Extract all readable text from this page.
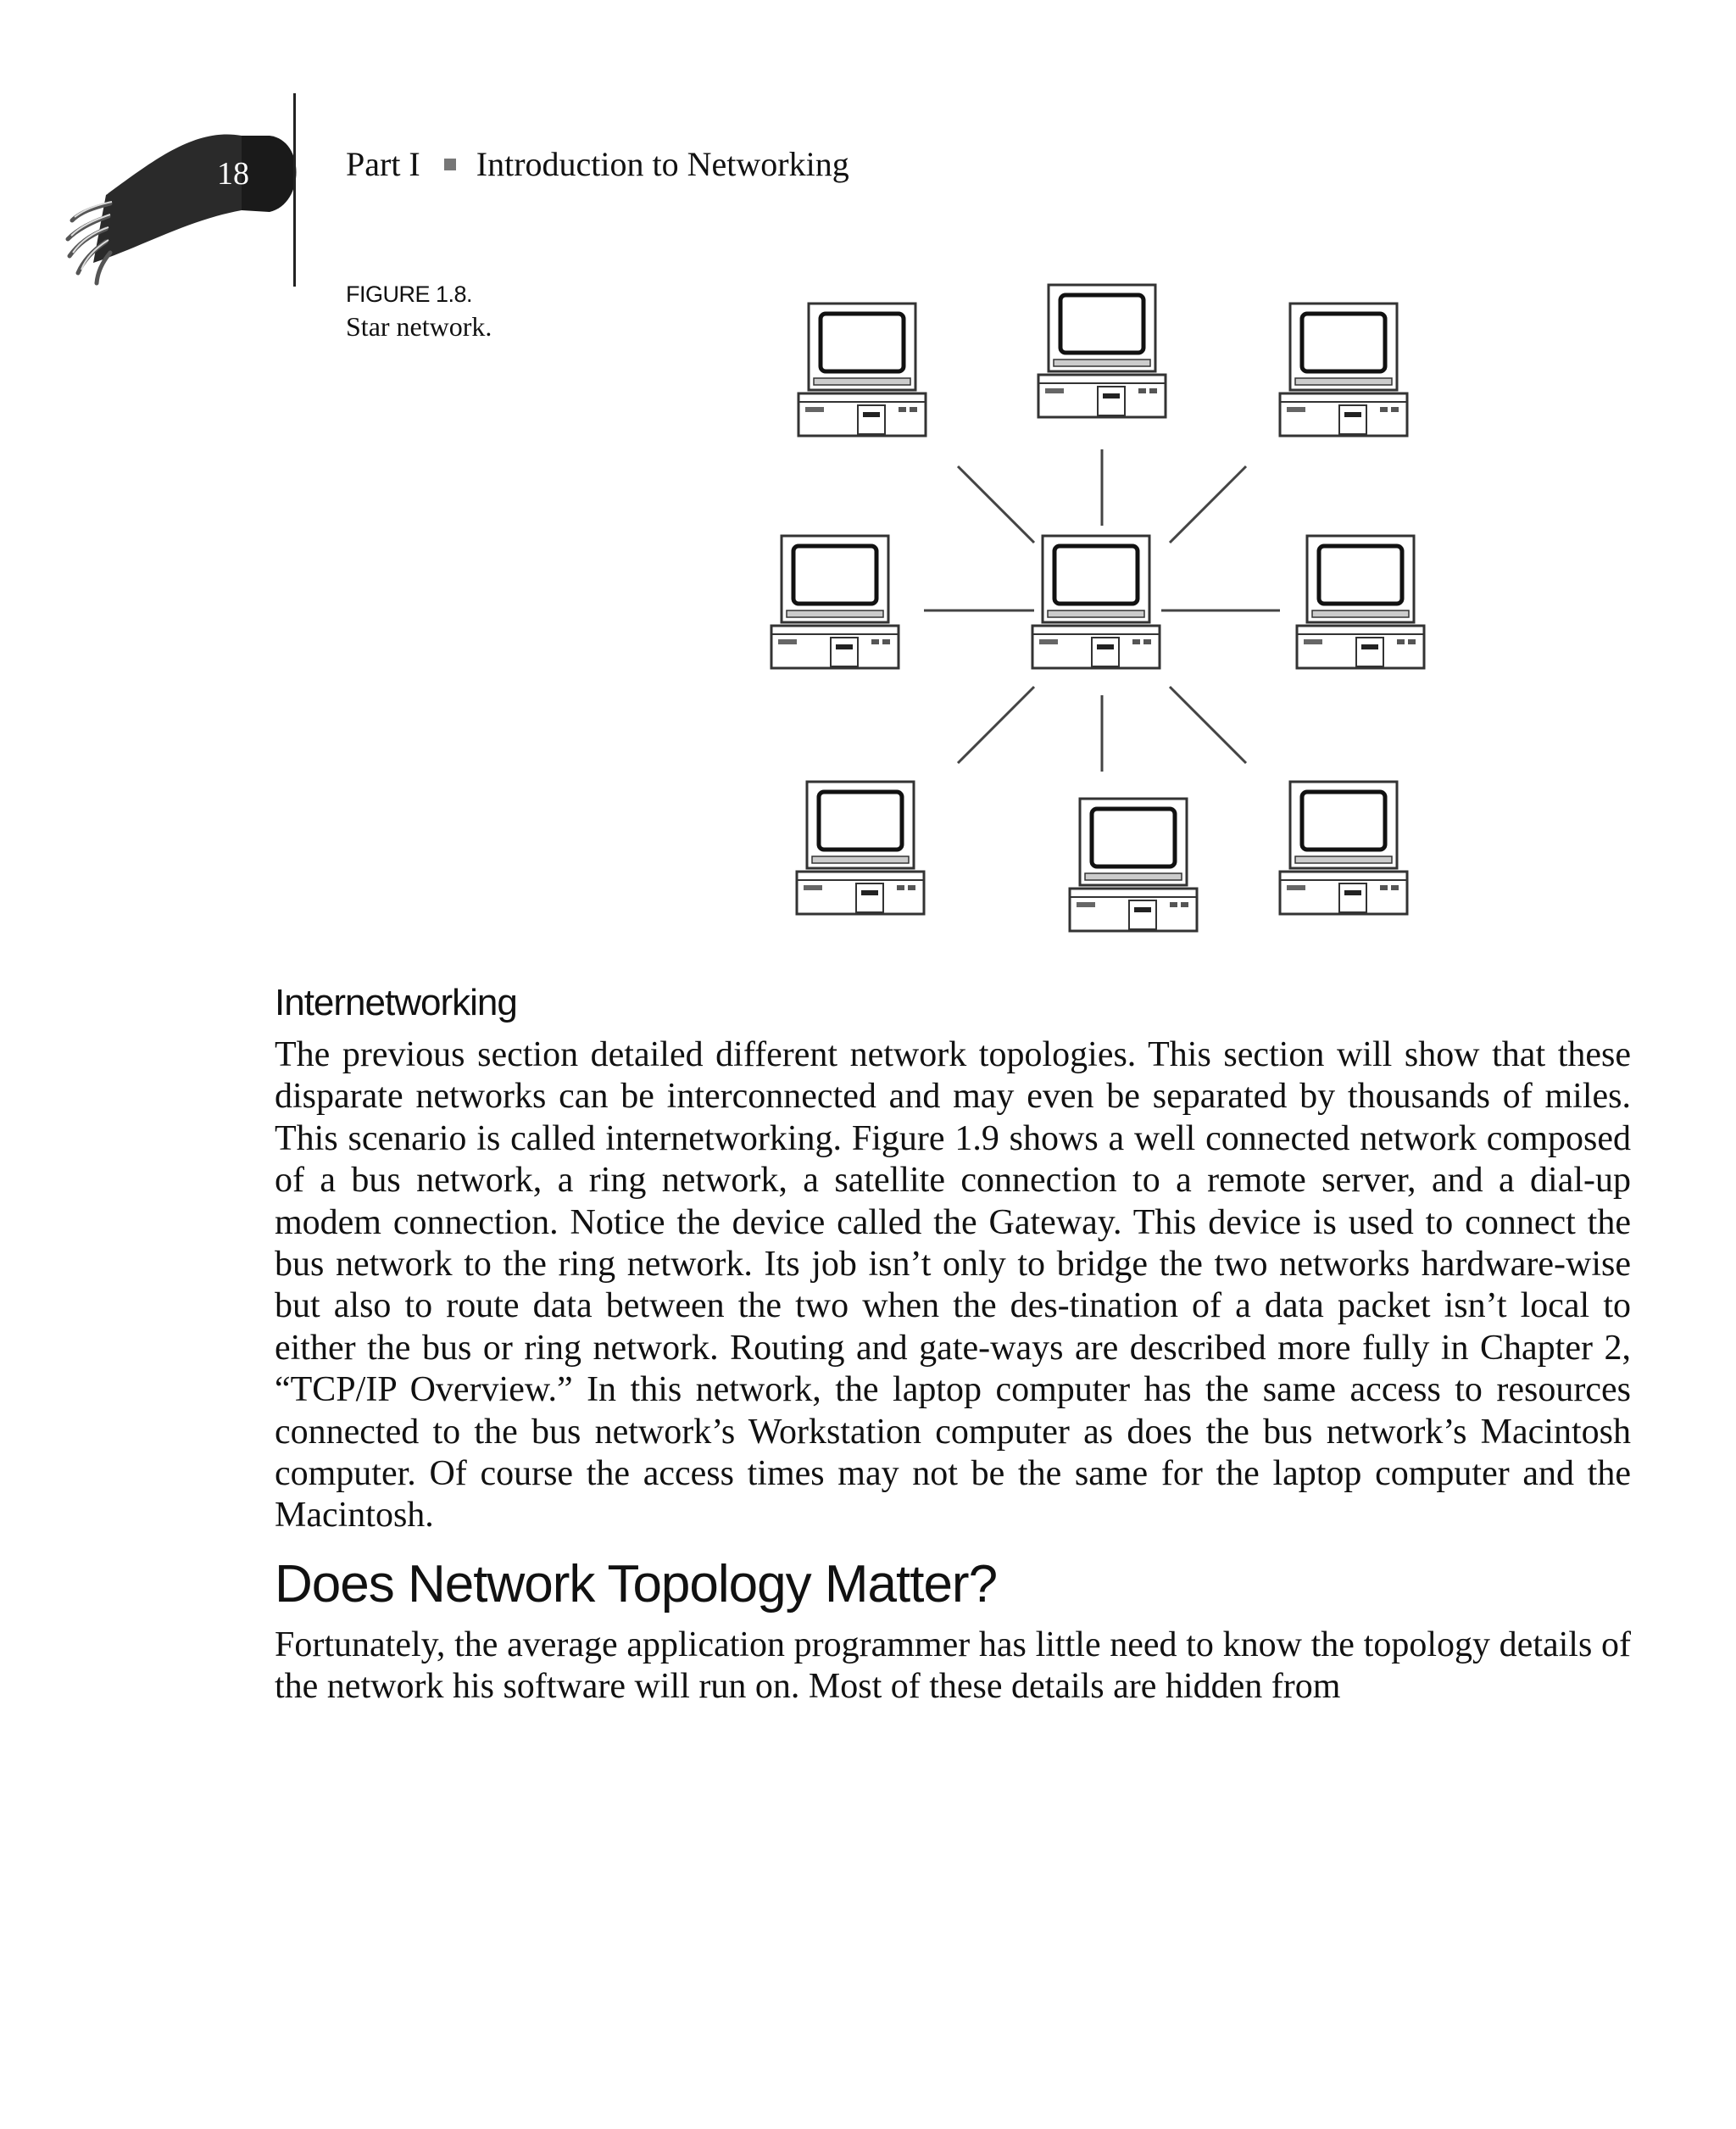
18	Part I Introduction to Networking
FIGURE 1.8.
Star network.
Internetworking

The previous section detailed different network topologies. This section will show that these disparate networks can be interconnected and may even be separated by thousands of miles. This scenario is called internetworking. Figure 1.9 shows a well connected network composed of a bus network, a ring network, a satellite connection to a remote server, and a dial-up modem connection. Notice the device called the Gateway. This device is used to connect the bus network to the ring network. Its job isn’t only to bridge the two networks hardware-wise but also to route data between the two when the des-tination of a data packet isn’t local to either the bus or ring network. Routing and gate-ways are described more fully in Chapter 2, “TCP/IP Overview.” In this network, the laptop computer has the same access to resources connected to the bus network’s Workstation computer as does the bus network’s Macintosh computer. Of course the access times may not be the same for the laptop computer and the Macintosh.

Does Network Topology Matter?

Fortunately, the average application programmer has little need to know the topology details of the network his software will run on. Most of these details are hidden from
